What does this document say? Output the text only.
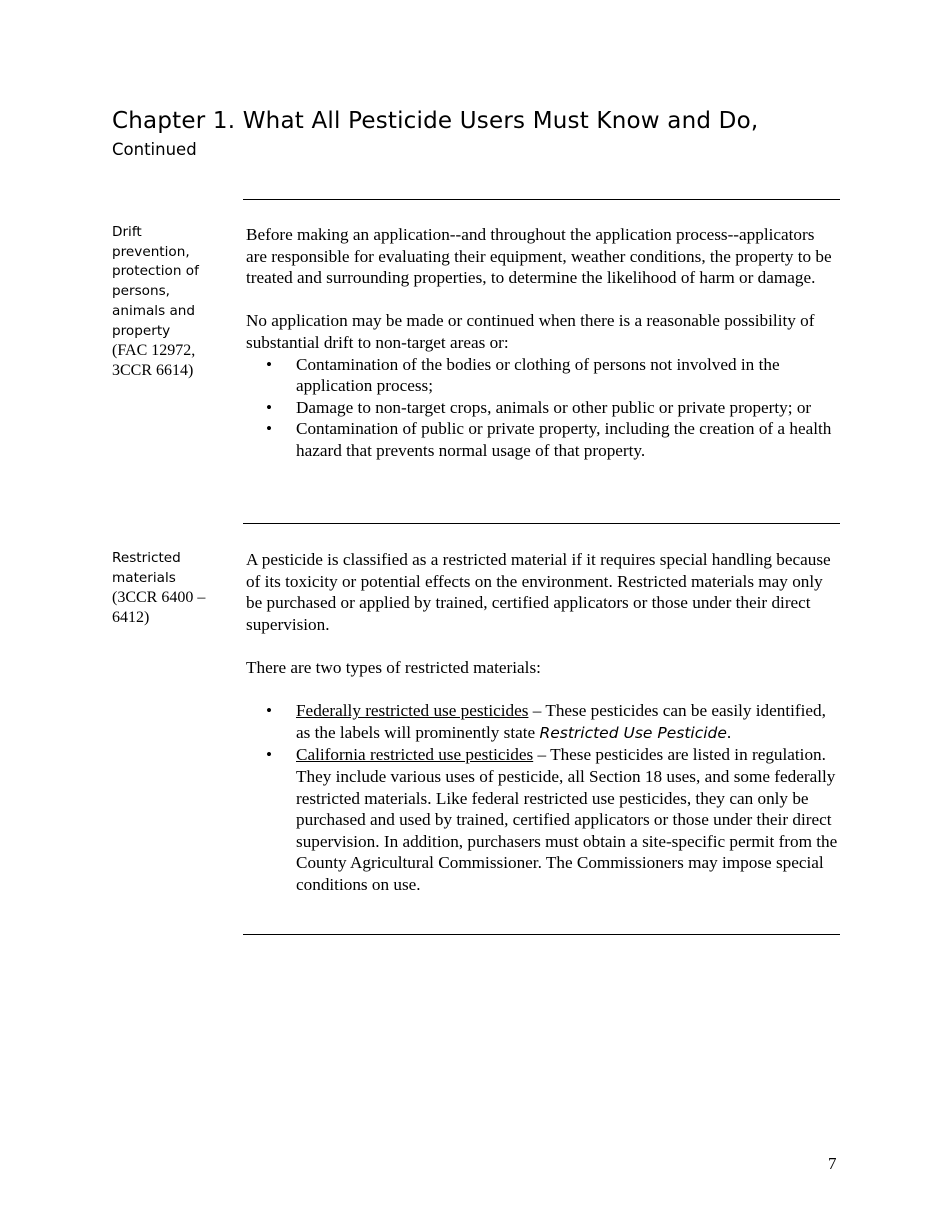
Chapter 1. What All Pesticide Users Must Know and Do,
Continued
Drift prevention, protection of persons, animals and property
(FAC 12972, 3CCR 6614)

Before making an application--and throughout the application process--applicators are responsible for evaluating their equipment, weather conditions, the property to be treated and surrounding properties, to determine the likelihood of harm or damage.

No application may be made or continued when there is a reasonable possibility of substantial drift to non-target areas or:

• Contamination of the bodies or clothing of persons not involved in the application process;
• Damage to non-target crops, animals or other public or private property; or
• Contamination of public or private property, including the creation of a health hazard that prevents normal usage of that property.
Restricted materials
(3CCR 6400 – 6412)

A pesticide is classified as a restricted material if it requires special handling because of its toxicity or potential effects on the environment. Restricted materials may only be purchased or applied by trained, certified applicators or those under their direct supervision.

There are two types of restricted materials:

• Federally restricted use pesticides – These pesticides can be easily identified, as the labels will prominently state Restricted Use Pesticide.
• California restricted use pesticides – These pesticides are listed in regulation. They include various uses of pesticide, all Section 18 uses, and some federally restricted materials. Like federal restricted use pesticides, they can only be purchased and used by trained, certified applicators or those under their direct supervision. In addition, purchasers must obtain a site-specific permit from the County Agricultural Commissioner. The Commissioners may impose special conditions on use.
7
